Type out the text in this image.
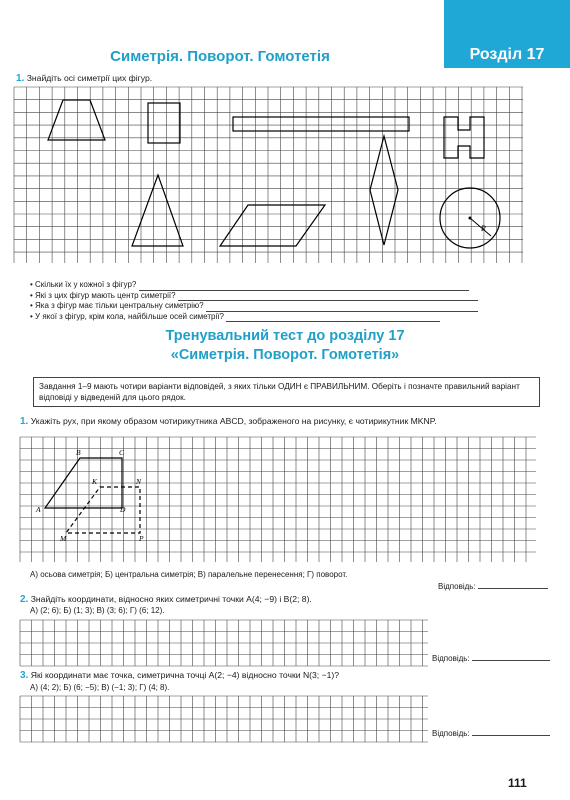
Розділ 17
Симетрія. Поворот. Гомотетія
1. Знайдіть осі симетрії цих фігур.
R
B	C
K	N
A	D
M	P
• Скільки їх у кожної з фігур?
• Які з цих фігур мають центр симетрії?
• Яка з фігур має тільки центральну симетрію?
• У якої з фігур, крім кола, найбільше осей симетрії?
Тренувальний тест до розділу 17
«Симетрія. Поворот. Гомотетія»
Завдання 1–9 мають чотири варіанти відповідей, з яких тільки ОДИН є ПРАВИЛЬНИМ. Оберіть і позначте правильний варіант відповіді у відведеній для цього рядок.
1. Укажіть рух, при якому образом чотирикутника ABCD, зображеного на рисунку, є чотирикутник MKNP.
А) осьова симетрія; Б) центральна симетрія; В) паралельне перенесення; Г) поворот.
Відповідь:
2. Знайдіть координати, відносно яких симетричні точки A(4; −9) і B(2; 8).
А) (2; 6); Б) (1; 3); В) (3; 6); Г) (6; 12).
Відповідь:
3. Які координати має точка, симетрична точці A(2; −4) відносно точки N(3; −1)?
А) (4; 2); Б) (6; −5); В) (−1; 3); Г) (4; 8).
Відповідь:
111
